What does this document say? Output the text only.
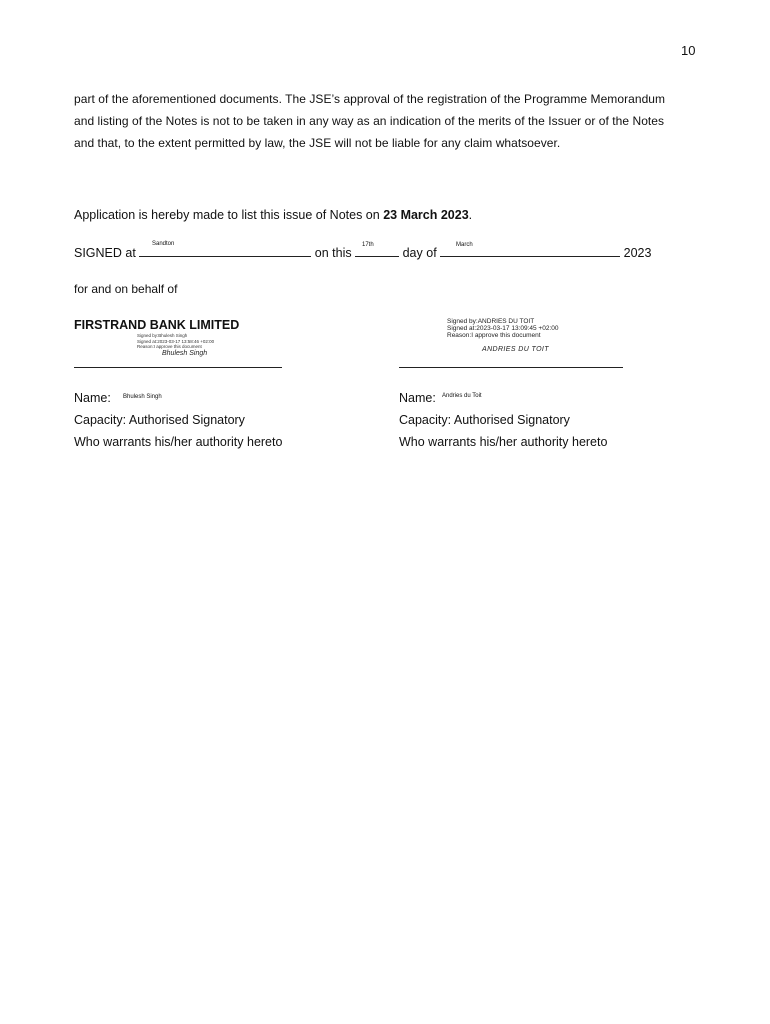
10
part of the aforementioned documents. The JSE’s approval of the registration of the Programme Memorandum
and listing of the Notes is not to be taken in any way as an indication of the merits of the Issuer or of the Notes
and that, to the extent permitted by law, the JSE will not be liable for any claim whatsoever.
Application is hereby made to list this issue of Notes on 23 March 2023.
SIGNED at	on this	day of	2023
Sandton	17th	March
for and on behalf of
FIRSTRAND BANK LIMITED
Signed by:Bhulesh Singh
Signed at:2023-03-17 13:58:46 +02:00
Reason:I approve this document
Bhulesh Singh
Signed by:ANDRIES DU TOIT
Signed at:2023-03-17 13:09:45 +02:00
Reason:I approve this document
ANDRIES DU TOIT
Name: Bhulesh Singh
Capacity: Authorised Signatory
Who warrants his/her authority hereto
Name: Andries du Toit
Capacity: Authorised Signatory
Who warrants his/her authority hereto
